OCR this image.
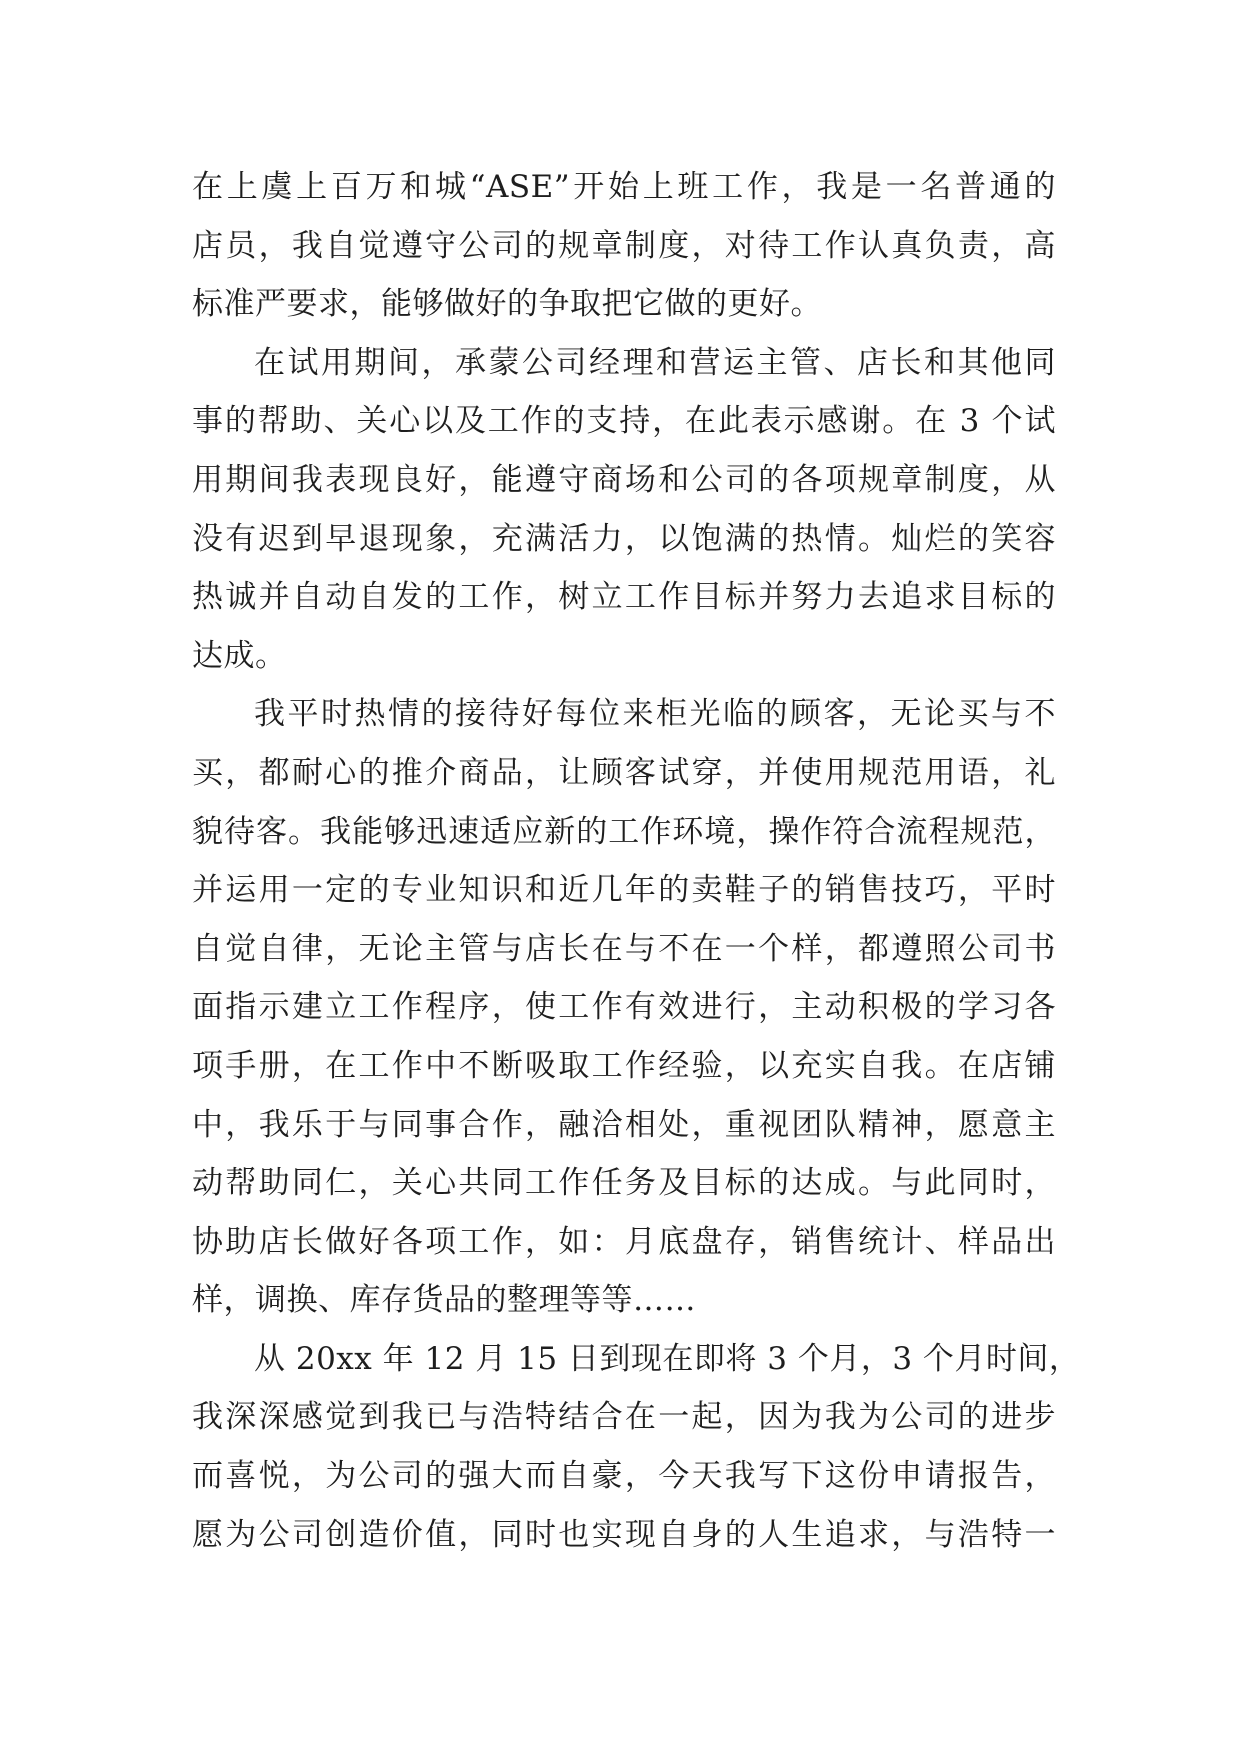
在上虞上百万和城“ASE”开始上班工作，我是一名普通的
店员，我自觉遵守公司的规章制度，对待工作认真负责，高
标准严要求，能够做好的争取把它做的更好。
在试用期间，承蒙公司经理和营运主管、店长和其他同
事的帮助、关心以及工作的支持，在此表示感谢。在 3 个试
用期间我表现良好，能遵守商场和公司的各项规章制度，从
没有迟到早退现象，充满活力，以饱满的热情。灿烂的笑容
热诚并自动自发的工作，树立工作目标并努力去追求目标的
达成。
我平时热情的接待好每位来柜光临的顾客，无论买与不
买，都耐心的推介商品，让顾客试穿，并使用规范用语，礼
貌待客。我能够迅速适应新的工作环境，操作符合流程规范，
并运用一定的专业知识和近几年的卖鞋子的销售技巧，平时
自觉自律，无论主管与店长在与不在一个样，都遵照公司书
面指示建立工作程序，使工作有效进行，主动积极的学习各
项手册，在工作中不断吸取工作经验，以充实自我。在店铺
中，我乐于与同事合作，融洽相处，重视团队精神，愿意主
动帮助同仁，关心共同工作任务及目标的达成。与此同时，
协助店长做好各项工作，如：月底盘存，销售统计、样品出
样，调换、库存货品的整理等等……
从 20xx 年 12 月 15 日到现在即将 3 个月，3 个月时间，
我深深感觉到我已与浩特结合在一起，因为我为公司的进步
而喜悦，为公司的强大而自豪，今天我写下这份申请报告，
愿为公司创造价值，同时也实现自身的人生追求，与浩特一
